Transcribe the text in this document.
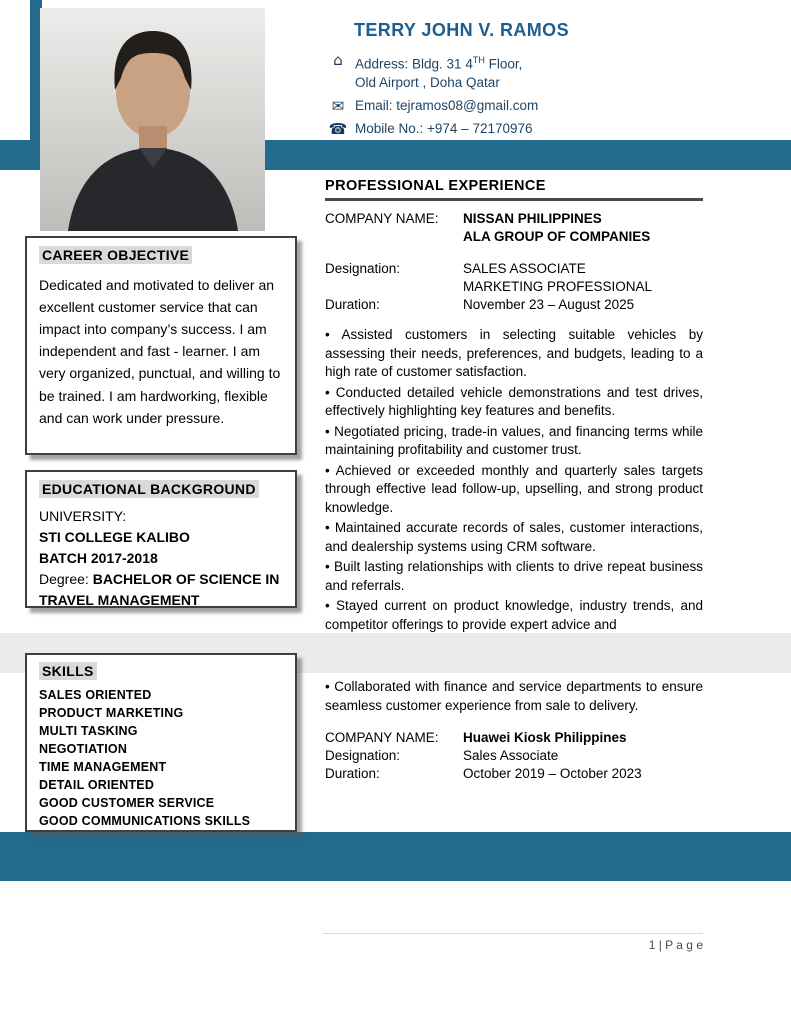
TERRY JOHN V. RAMOS
⌂ Address: Bldg. 31 4TH Floor,
Old Airport , Doha Qatar
✉ Email: tejramos08@gmail.com
☎ Mobile No.: +974 – 72170976
CAREER OBJECTIVE
Dedicated and motivated to deliver an excellent customer service that can impact into company’s success. I am independent and fast - learner. I am very organized, punctual, and willing to be trained. I am hardworking, flexible and can work under pressure.
EDUCATIONAL BACKGROUND
UNIVERSITY:
STI COLLEGE KALIBO
BATCH 2017-2018
Degree: BACHELOR OF SCIENCE IN TRAVEL MANAGEMENT
SKILLS
SALES ORIENTED
PRODUCT MARKETING
MULTI TASKING
NEGOTIATION
TIME MANAGEMENT
DETAIL ORIENTED
GOOD CUSTOMER SERVICE
GOOD COMMUNICATIONS SKILLS
PROFESSIONAL EXPERIENCE
COMPANY NAME:	NISSAN PHILIPPINES
ALA GROUP OF COMPANIES
Designation:	SALES ASSOCIATE
MARKETING PROFESSIONAL
Duration:	November 23 – August 2025
• Assisted customers in selecting suitable vehicles by assessing their needs, preferences, and budgets, leading to a high rate of customer satisfaction.
• Conducted detailed vehicle demonstrations and test drives, effectively highlighting key features and benefits.
• Negotiated pricing, trade-in values, and financing terms while maintaining profitability and customer trust.
• Achieved or exceeded monthly and quarterly sales targets through effective lead follow-up, upselling, and strong product knowledge.
• Maintained accurate records of sales, customer interactions, and dealership systems using CRM software.
• Built lasting relationships with clients to drive repeat business and referrals.
• Stayed current on product knowledge, industry trends, and competitor offerings to provide expert advice and
• Collaborated with finance and service departments to ensure seamless customer experience from sale to delivery.
COMPANY NAME:	Huawei Kiosk Philippines
Designation:	Sales Associate
Duration:	October 2019 – October 2023
1 | P a g e
